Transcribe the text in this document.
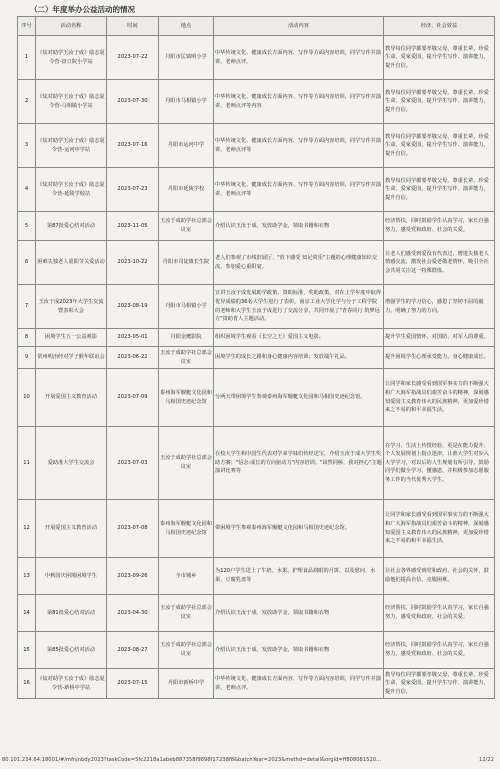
（二）年度举办公益活动的情况
序号	活动名称	时间	地点	活动内容	经济、社会效益
1	《炫对助学玉汝于成》励志夏令营-盘豆院小学站	2023-07-22	丹阳市匡镇明小学	中华传统文化、健康成长方面内容、写作等方面内容培训，同学写作并演讲，老师点评。	教导每位同学都要孝敬父母，尊重长辈，珍爱生命，爱家爱国，提升学生写作、演讲能力，提升自信。
2	《炫对助学玉汝于成》励志夏令营-马相镇小学站	2023-07-30	丹阳市马相镇小学	中华传统文化、健康成长方面内容、写作等方面内容培训，同学写作并演讲，老师点评等内容	教导每位同学都要孝敬父母，尊重长辈，珍爱生命，爱家爱国，提升学生写作、演讲能力，提升自信。
3	《炫对助学玉汝于成》励志夏令营-运河中学站	2023-07-16	丹阳市运河中学	中华传统文化、健康成长方面内容、写作等方面内容培训，同学写作并演讲，老师点评等	教导每位同学都要孝敬父母，尊重长辈，珍爱生命，爱家爱国，提升学生写作、演讲能力，提升自信。
4	《炫对助学玉汝于成》励志夏令营-延陵学校站	2023-07-23	丹阳市延陵学校	中华传统文化、健康成长方面内容、写作等方面内容培训，同学写作并演讲，老师点评等	教导每位同学都要孝敬父母，尊重长辈，珍爱生命，爱家爱国，提升学生写作、演讲能力，提升自信。
5	第87批爱心结对活动	2023-11-05	玉汝于成助学社总部会议室	介绍认识玉汝于成、发放助学金，领取书籍和衣物	经济帮扶，同时鼓励学生认真学习，家长自强努力，感受党和政府、社会的关爱。
6	困难失独老人重阳节关爱活动	2023-10-22	丹阳市司徒镇长生院	老人们参观了市线旧展厅、"放下感受 知足常乐"主题的心理健康知识交流、参加爱心重阳宴。	让老人们感受到爱没有代表过，增进失独老人情感交流，激发社会爱老敬老情怀，吸引全社会共同关注这一特殊群体。
7	玉汝于成2023年大学生交流暨表彰大会	2023-08-19	丹阳市马相镇小学	宣讲玉汝于成发展助学政策、资助标准、奖助政策，对在上学年度中取得优异成绩的36名大学生进行了表彰。南京工业大学化学与分子工程学院的老师和大学生玉汝于成进行了交流分享，共同开展了"青春同行 筑梦远方"资助育人主题活动。	增强学生的学习信心，感恩了坚韧不屈的毅力，明确了努力的方向。
8	困境学生五一公益观影	2023-05-01	丹阳金鹰影院	组织困境学生观看《长空之王》爱国主义电影。	提升学生爱国情怀，对国防、对军人的尊重。
9	常州明治经对学子猴年联谊会	2023-06-22	玉汝于成助学社总部会议室	困境学生的成长之路和身心健康内容培训；发放端午礼品。	提升困境学生心理承受能力，身心健康成长。
10	开展爱国主义教育活动	2023-07-09	泰州海军舰艇文化园和马相国史迹纪念馆	分两天带困境学生参观泰州海军舰艇文化园和马相国史迹纪念馆。	让同学和家长感受看到国军事实力的不断强大和广大海军指战员们艰苦奋斗的精神，深刻感知爱国主义教育伟大的民族精神，更加爱珍惜来之不易的和平幸福生活。
11	爱助准大学生交流会	2023-07-03	玉汝于成助学社总部会议室	在校大学生和中国生代表对学弟学妹们传经送宝，介绍玉汝于成大学生奖助方案；"信念·成长的方向驱动力"内容培训；"昂然同桥，我对担心"主题演讲比赛等	在学习、生活上传授经验，更是在能力提升、个人发展规划上指点迷津，让准大学生对步入大学学习，对以后的人生规划有所引导，鼓励同学们做全学习、懂感恩，并积极参加志愿服务工作的当代优秀大学生。
12	开展爱国主义教育活动	2023-07-08	泰州海军舰艇文化园和马相国史迹纪念馆	带困境学生参观泰州海军舰艇文化园和马相国史迹纪念馆。	让同学和家长感受看到国军事实力的不断强大和广大海军指战员们艰苦奋斗的精神，深刻感知爱国主义教育伟大的民族精神，更加爱珍惜来之不易的和平幸福生活。
13	中秋国庆困境困境学生	2023-09-26	全市城乡	为120户学生送上了牛奶、水果、护理食品润眼的月饼，以及慰问、水果、豆腐乳盘等	让社会各界感受到党和政府、社会的关怀，鼓励他们提高自信、克服困难。
14	第81批爱心结对活动	2023-04-30	玉汝于成助学社总部会议室	介绍认识玉汝于成、发放助学金，领取书籍和衣物	经济帮扶，同时鼓励学生认真学习，家长自强努力，感受党和政府、社会的关爱。
15	第85批爱心结对活动	2023-08-27	玉汝于成助学社总部会议室	介绍认识玉汝于成、发放助学金，领取书籍和衣物	经济帮扶，同时鼓励学生认真学习，家长自强努力，感受党和政府、社会的关爱。
16	《炫对助学玉汝于成》励志夏令营-新桥中学站	2023-07-15	丹阳市新桥中学	中华传统文化、健康成长方面内容、写作等方面内容培训，同学写作并演讲，老师点评。	教导每位同学都要孝敬父母，尊重长辈，珍爱生命，爱家爱国，提升学生写作、演讲能力，提升自信。
80.101.234.64:18001/#/mfnjnbdy2023?taskCode=5fc2218a1abeb887358f9898f17238f8&batchYear=2023&methd=detail&orgId=ff808081520...	12/22
